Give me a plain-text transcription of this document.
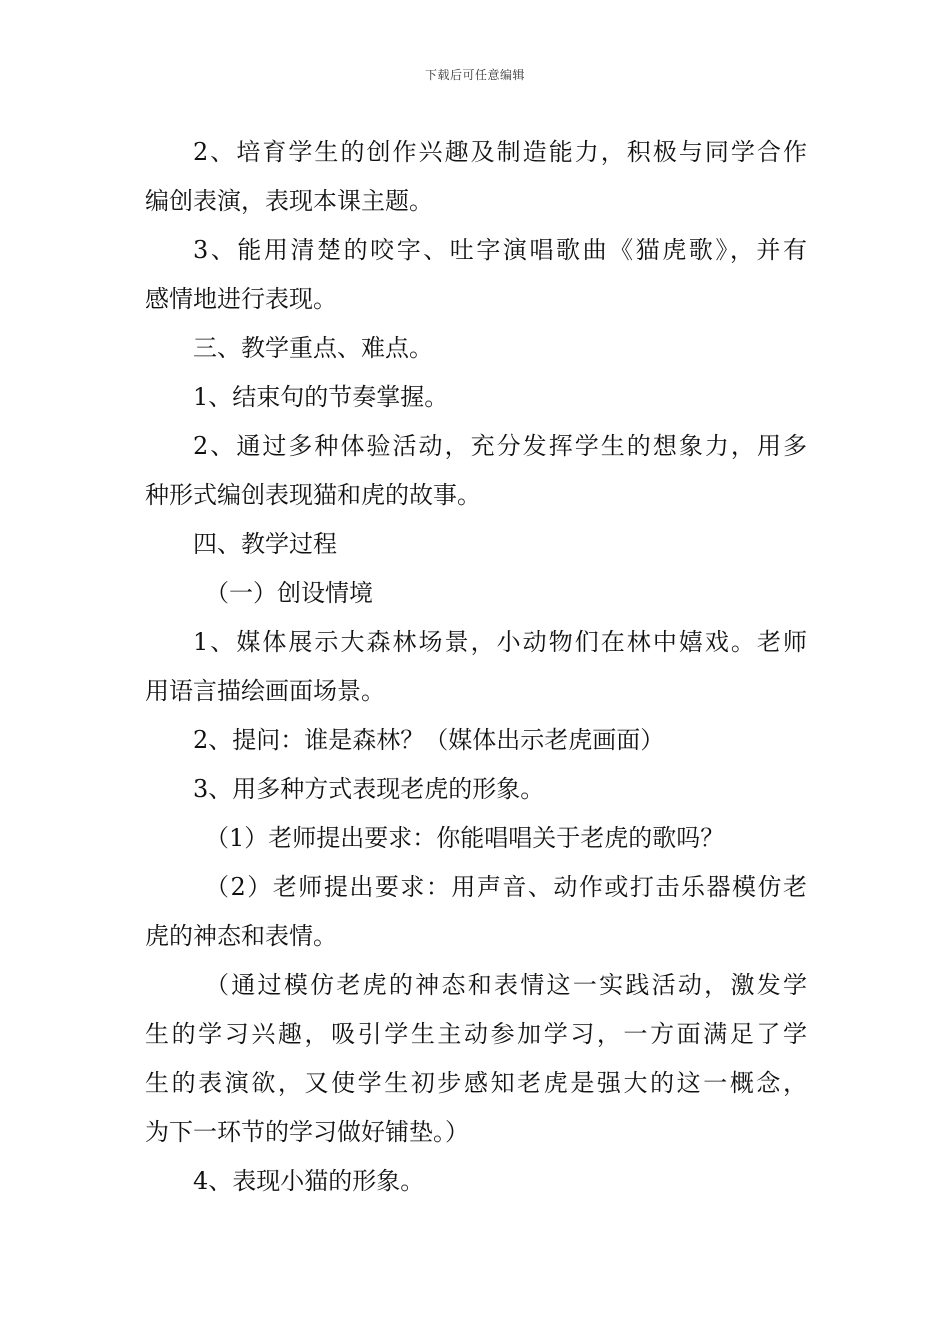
下载后可任意编辑

2、培育学生的创作兴趣及制造能力，积极与同学合作

编创表演，表现本课主题。

3、能用清楚的咬字、吐字演唱歌曲《猫虎歌》，并有

感情地进行表现。

三、教学重点、难点。

1、结束句的节奏掌握。

2、通过多种体验活动，充分发挥学生的想象力，用多

种形式编创表现猫和虎的故事。

四、教学过程

（一）创设情境

1、媒体展示大森林场景，小动物们在林中嬉戏。老师

用语言描绘画面场景。

2、提问：谁是森林？（媒体出示老虎画面）

3、用多种方式表现老虎的形象。

（1）老师提出要求：你能唱唱关于老虎的歌吗？

（2）老师提出要求：用声音、动作或打击乐器模仿老

虎的神态和表情。

（通过模仿老虎的神态和表情这一实践活动，激发学

生的学习兴趣，吸引学生主动参加学习，一方面满足了学

生的表演欲，又使学生初步感知老虎是强大的这一概念，

为下一环节的学习做好铺垫。）

4、表现小猫的形象。
